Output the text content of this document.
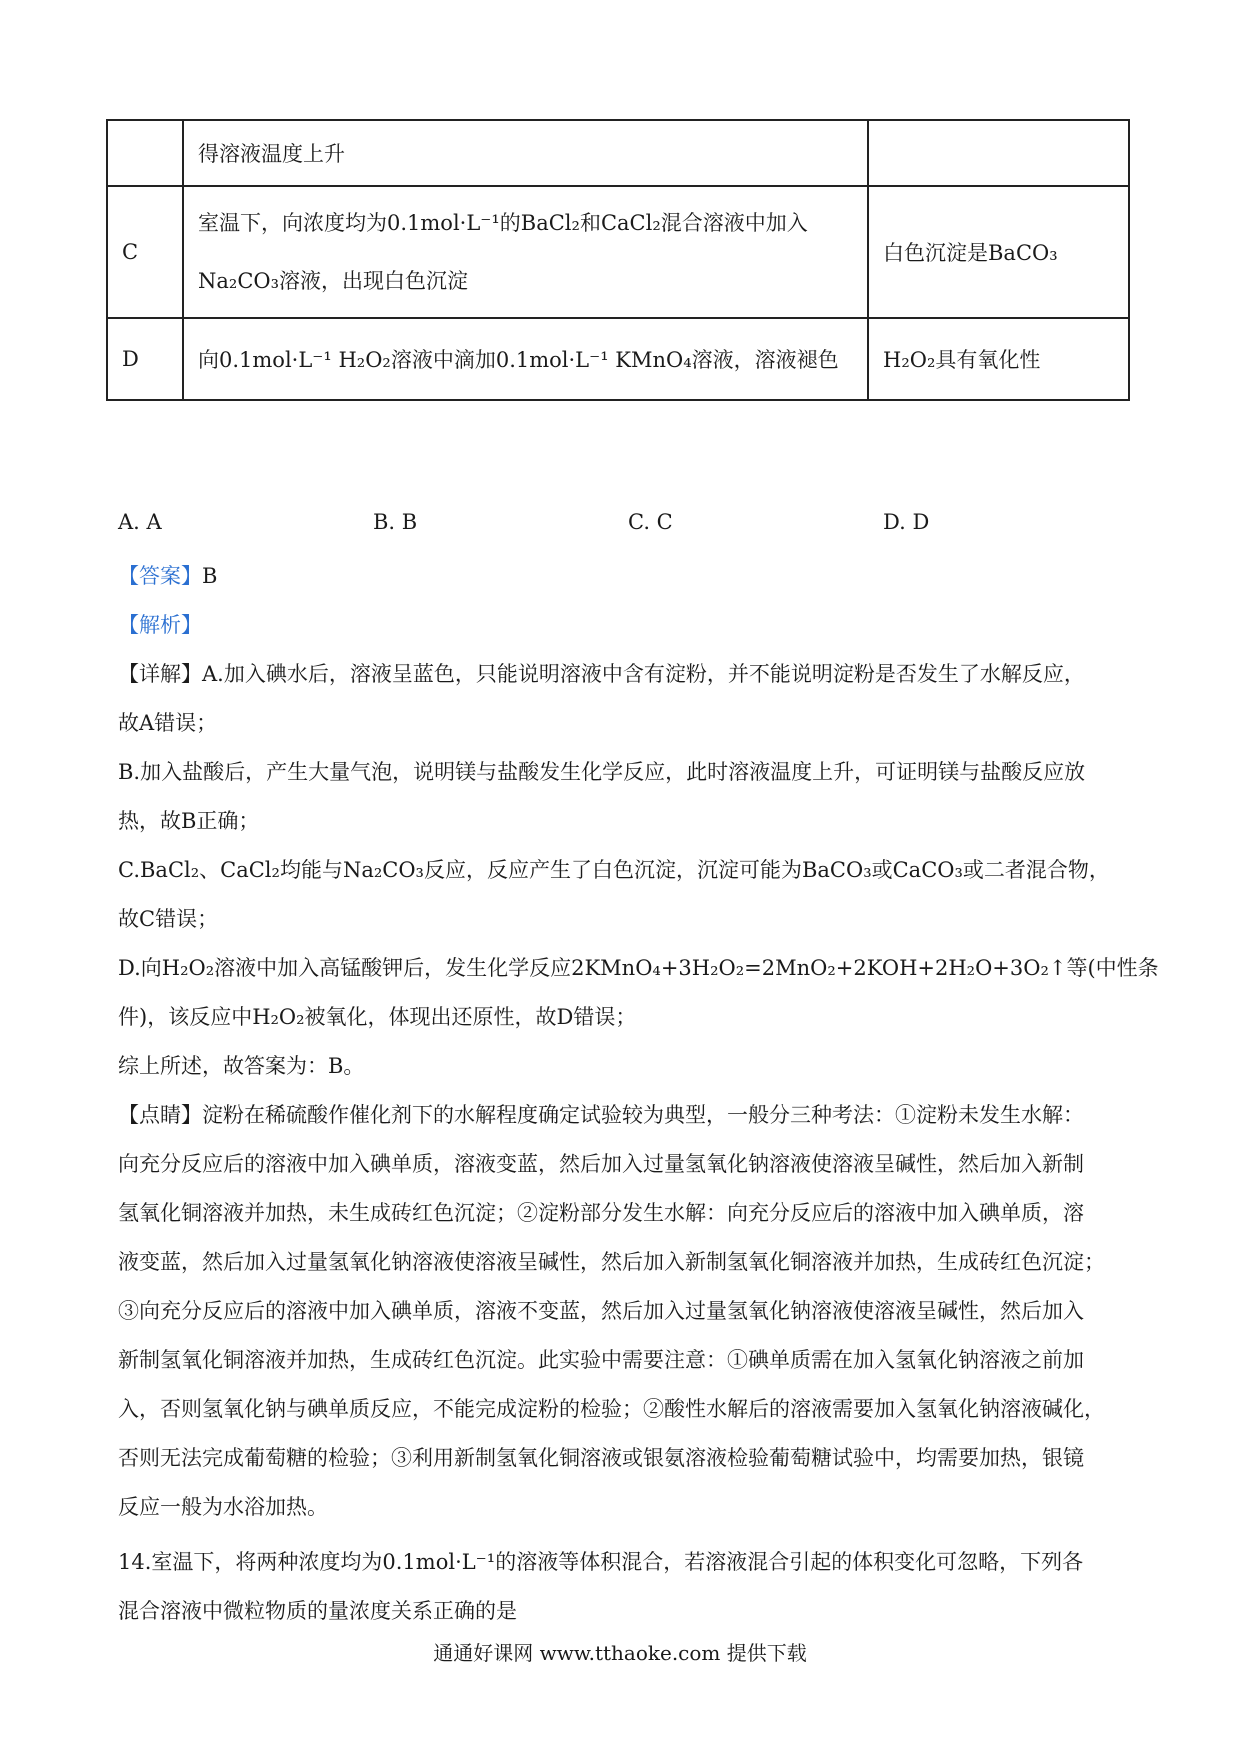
	得溶液温度上升	
C	室温下，向浓度均为0.1mol·L⁻¹的BaCl₂和CaCl₂混合溶液中加入
Na₂CO₃溶液，出现白色沉淀	白色沉淀是BaCO₃
D	向0.1mol·L⁻¹ H₂O₂溶液中滴加0.1mol·L⁻¹ KMnO₄溶液，溶液褪色	H₂O₂具有氧化性
A. A	B. B	C. C	D. D
【答案】B
【解析】
【详解】A.加入碘水后，溶液呈蓝色，只能说明溶液中含有淀粉，并不能说明淀粉是否发生了水解反应，
故A错误；
B.加入盐酸后，产生大量气泡，说明镁与盐酸发生化学反应，此时溶液温度上升，可证明镁与盐酸反应放
热，故B正确；
C.BaCl₂、CaCl₂均能与Na₂CO₃反应，反应产生了白色沉淀，沉淀可能为BaCO₃或CaCO₃或二者混合物，
故C错误；
D.向H₂O₂溶液中加入高锰酸钾后，发生化学反应2KMnO₄+3H₂O₂=2MnO₂+2KOH+2H₂O+3O₂↑等(中性条
件)，该反应中H₂O₂被氧化，体现出还原性，故D错误；
综上所述，故答案为：B。
【点睛】淀粉在稀硫酸作催化剂下的水解程度确定试验较为典型，一般分三种考法：①淀粉未发生水解：
向充分反应后的溶液中加入碘单质，溶液变蓝，然后加入过量氢氧化钠溶液使溶液呈碱性，然后加入新制
氢氧化铜溶液并加热，未生成砖红色沉淀；②淀粉部分发生水解：向充分反应后的溶液中加入碘单质，溶
液变蓝，然后加入过量氢氧化钠溶液使溶液呈碱性，然后加入新制氢氧化铜溶液并加热，生成砖红色沉淀；
③向充分反应后的溶液中加入碘单质，溶液不变蓝，然后加入过量氢氧化钠溶液使溶液呈碱性，然后加入
新制氢氧化铜溶液并加热，生成砖红色沉淀。此实验中需要注意：①碘单质需在加入氢氧化钠溶液之前加
入，否则氢氧化钠与碘单质反应，不能完成淀粉的检验；②酸性水解后的溶液需要加入氢氧化钠溶液碱化，
否则无法完成葡萄糖的检验；③利用新制氢氧化铜溶液或银氨溶液检验葡萄糖试验中，均需要加热，银镜
反应一般为水浴加热。
14.室温下，将两种浓度均为0.1mol·L⁻¹的溶液等体积混合，若溶液混合引起的体积变化可忽略，下列各
混合溶液中微粒物质的量浓度关系正确的是
通通好课网 www.tthaoke.com 提供下载
